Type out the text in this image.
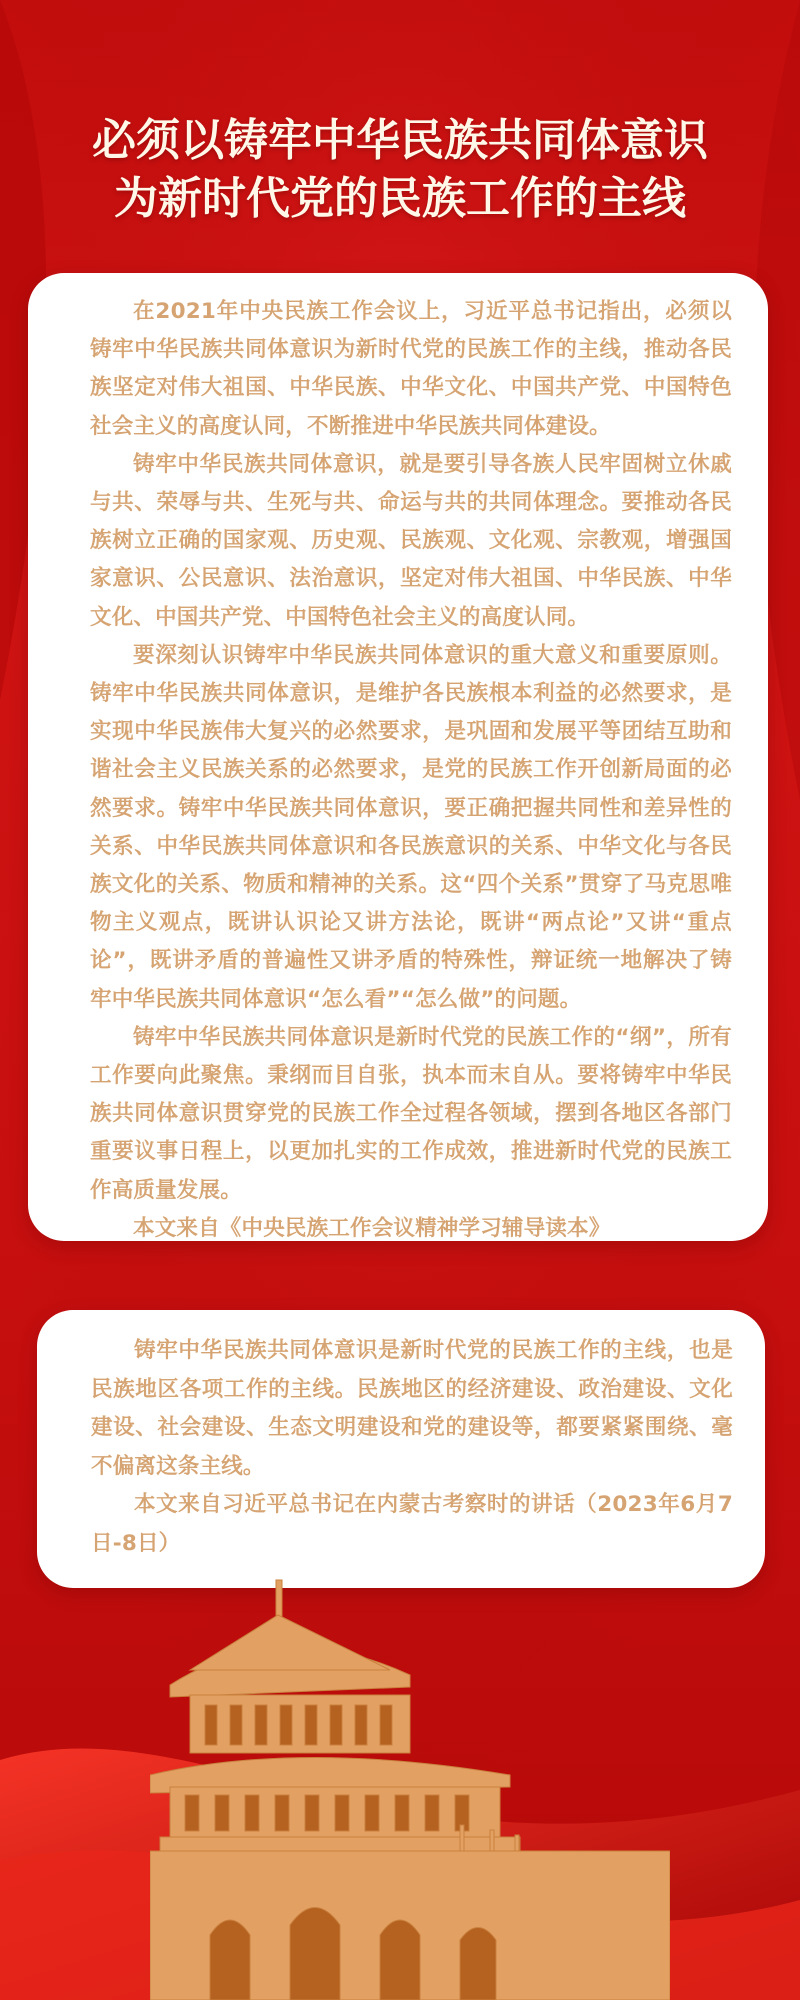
必须以铸牢中华民族共同体意识
为新时代党的民族工作的主线

在2021年中央民族工作会议上，习近平总书记指出，必须以铸牢中华民族共同体意识为新时代党的民族工作的主线，推动各民族坚定对伟大祖国、中华民族、中华文化、中国共产党、中国特色社会主义的高度认同，不断推进中华民族共同体建设。

铸牢中华民族共同体意识，就是要引导各族人民牢固树立休戚与共、荣辱与共、生死与共、命运与共的共同体理念。要推动各民族树立正确的国家观、历史观、民族观、文化观、宗教观，增强国家意识、公民意识、法治意识，坚定对伟大祖国、中华民族、中华文化、中国共产党、中国特色社会主义的高度认同。

要深刻认识铸牢中华民族共同体意识的重大意义和重要原则。铸牢中华民族共同体意识，是维护各民族根本利益的必然要求，是实现中华民族伟大复兴的必然要求，是巩固和发展平等团结互助和谐社会主义民族关系的必然要求，是党的民族工作开创新局面的必然要求。铸牢中华民族共同体意识，要正确把握共同性和差异性的关系、中华民族共同体意识和各民族意识的关系、中华文化与各民族文化的关系、物质和精神的关系。这“四个关系”贯穿了马克思唯物主义观点，既讲认识论又讲方法论，既讲“两点论”又讲“重点论”，既讲矛盾的普遍性又讲矛盾的特殊性，辩证统一地解决了铸牢中华民族共同体意识“怎么看”“怎么做”的问题。

铸牢中华民族共同体意识是新时代党的民族工作的“纲”，所有工作要向此聚焦。秉纲而目自张，执本而末自从。要将铸牢中华民族共同体意识贯穿党的民族工作全过程各领域，摆到各地区各部门重要议事日程上，以更加扎实的工作成效，推进新时代党的民族工作高质量发展。

本文来自《中央民族工作会议精神学习辅导读本》

铸牢中华民族共同体意识是新时代党的民族工作的主线，也是民族地区各项工作的主线。民族地区的经济建设、政治建设、文化建设、社会建设、生态文明建设和党的建设等，都要紧紧围绕、毫不偏离这条主线。

本文来自习近平总书记在内蒙古考察时的讲话（2023年6月7日-8日）
